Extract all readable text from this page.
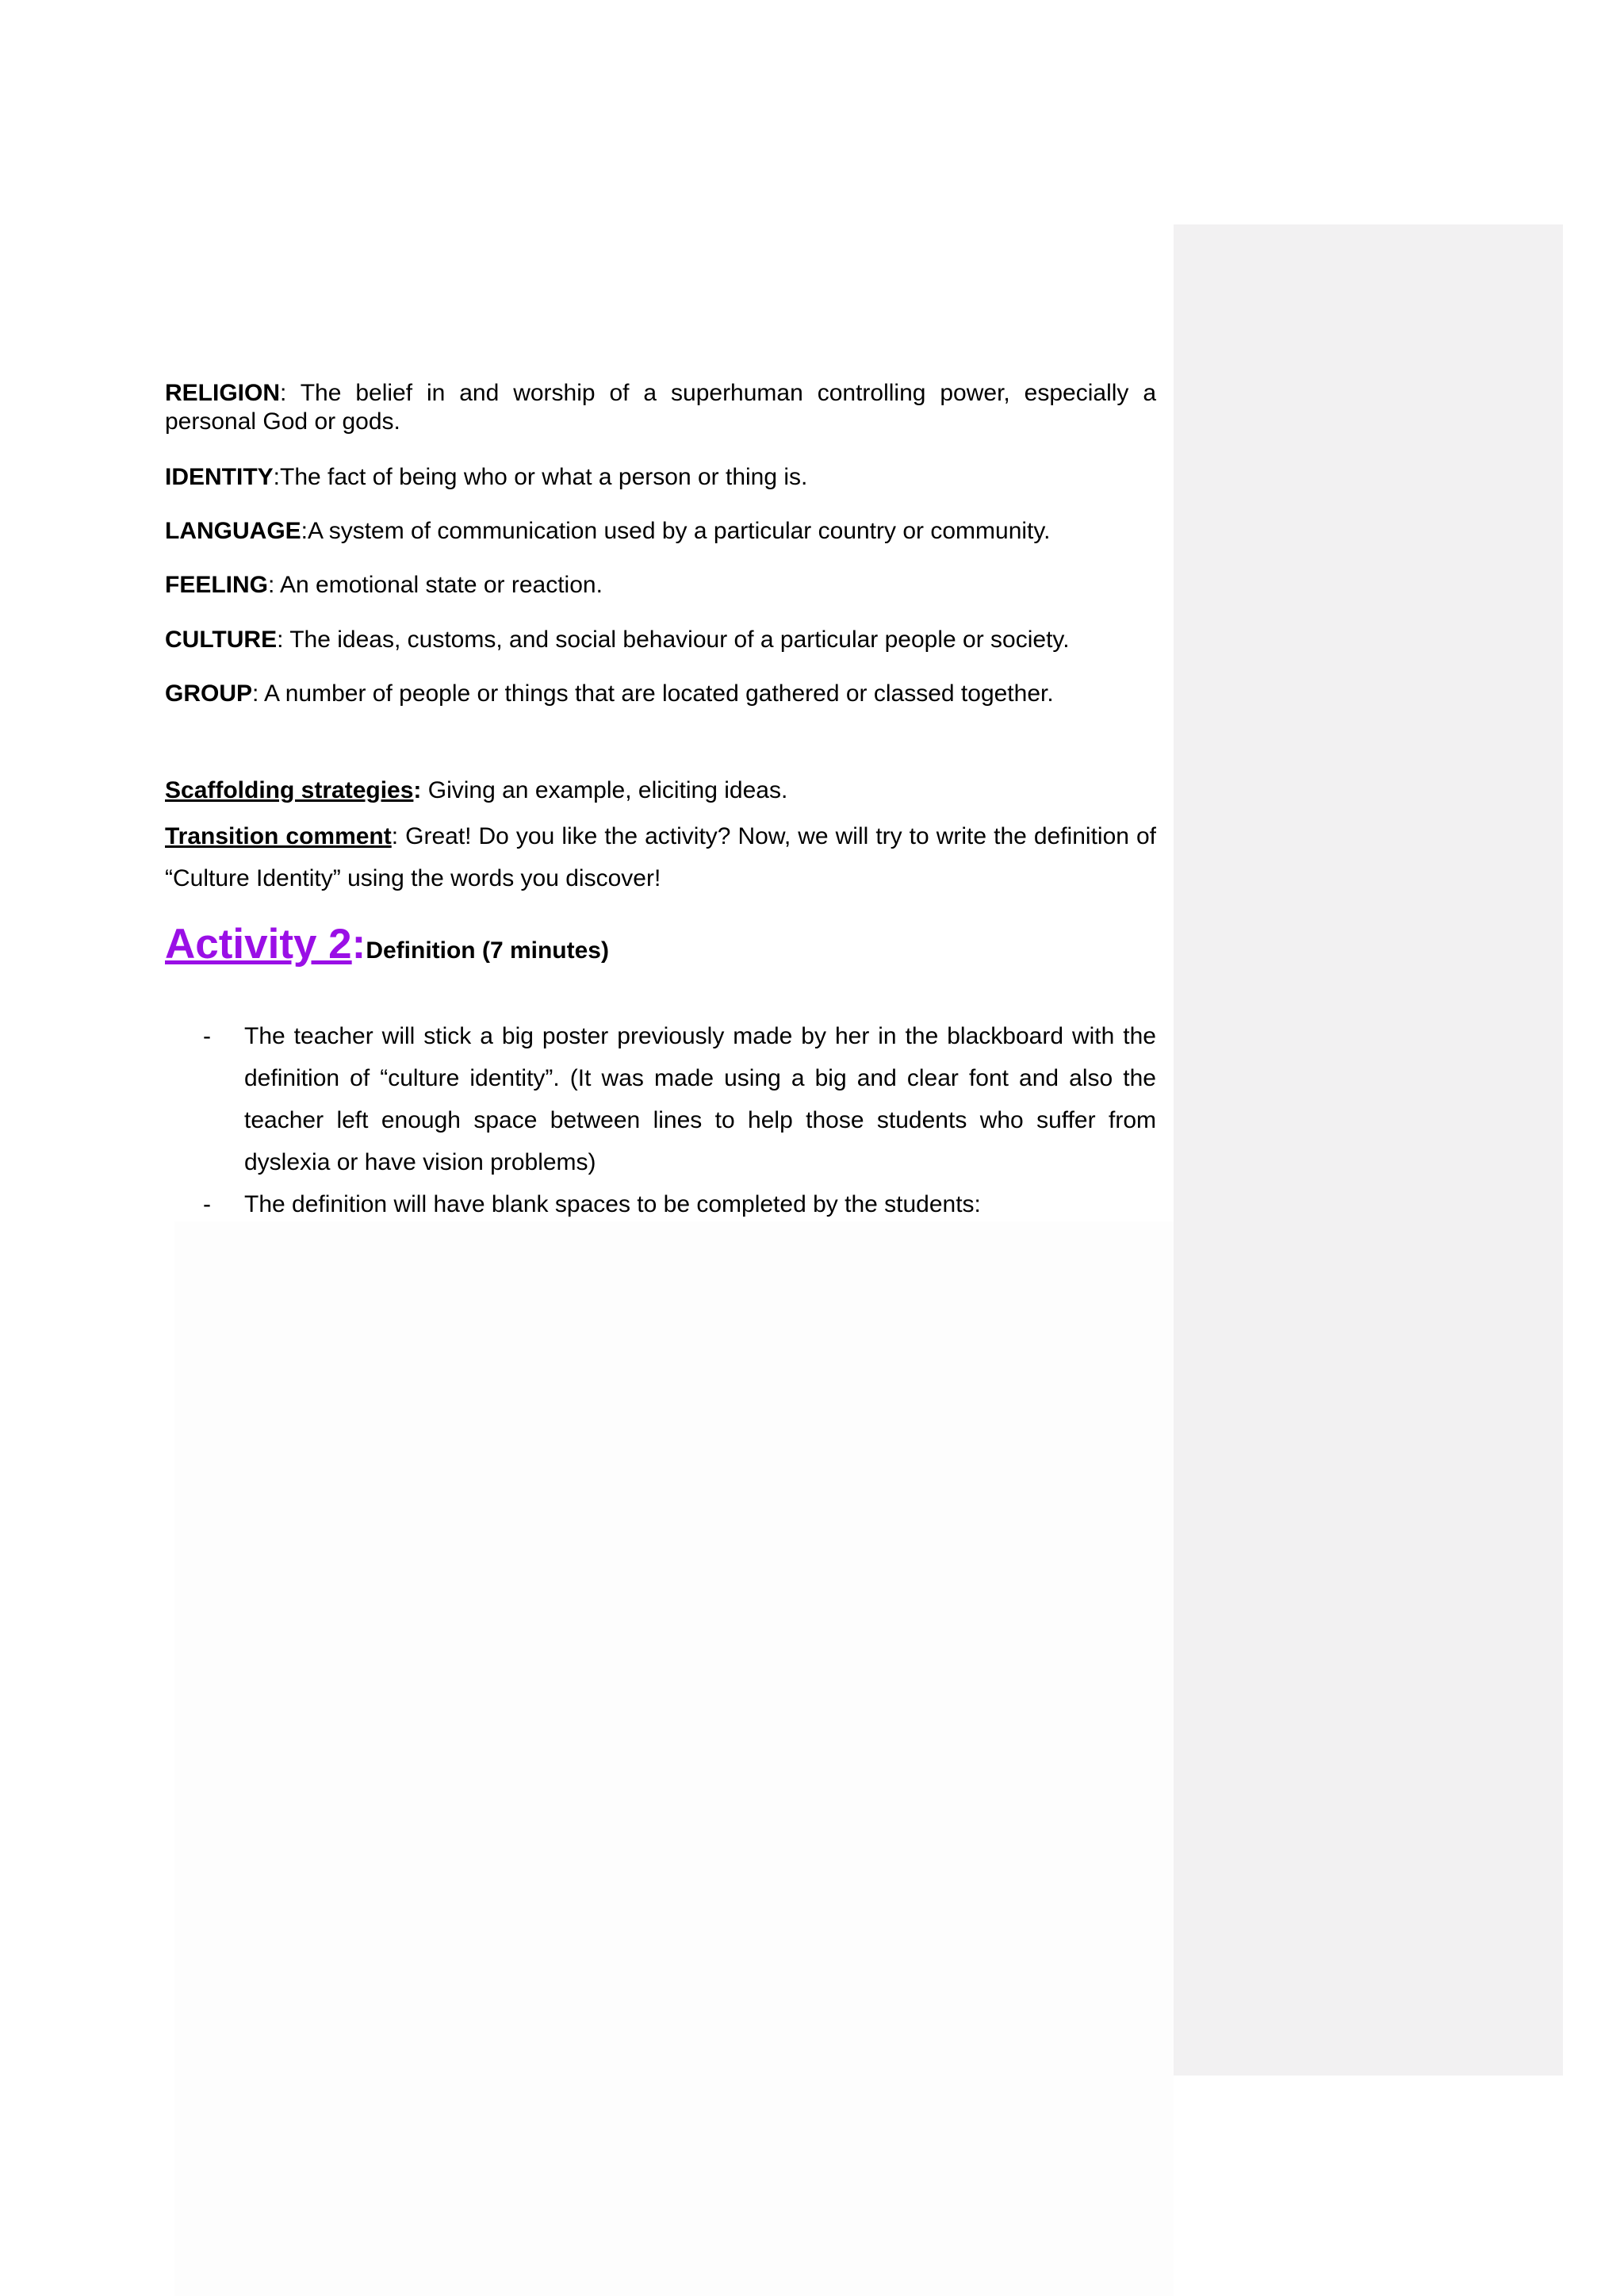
RELIGION: The belief in and worship of a superhuman controlling power, especially a personal God or gods.

IDENTITY:The fact of being who or what a person or thing is.

LANGUAGE:A system of communication used by a particular country or community.

FEELING: An emotional state or reaction.

CULTURE: The ideas, customs, and social behaviour of a particular people or society.

GROUP: A number of people or things that are located gathered or classed together.

Scaffolding strategies: Giving an example, eliciting ideas.

Transition comment: Great! Do you like the activity? Now, we will try to write the definition of “Culture Identity” using the words you discover!

Activity 2:Definition (7 minutes)
- The teacher will stick a big poster previously made by her in the blackboard with the definition of “culture identity”. (It was made using a big and clear font and also the teacher left enough space between lines to help those students who suffer from dyslexia or have vision problems)
- The definition will have blank spaces to be completed by the students:
